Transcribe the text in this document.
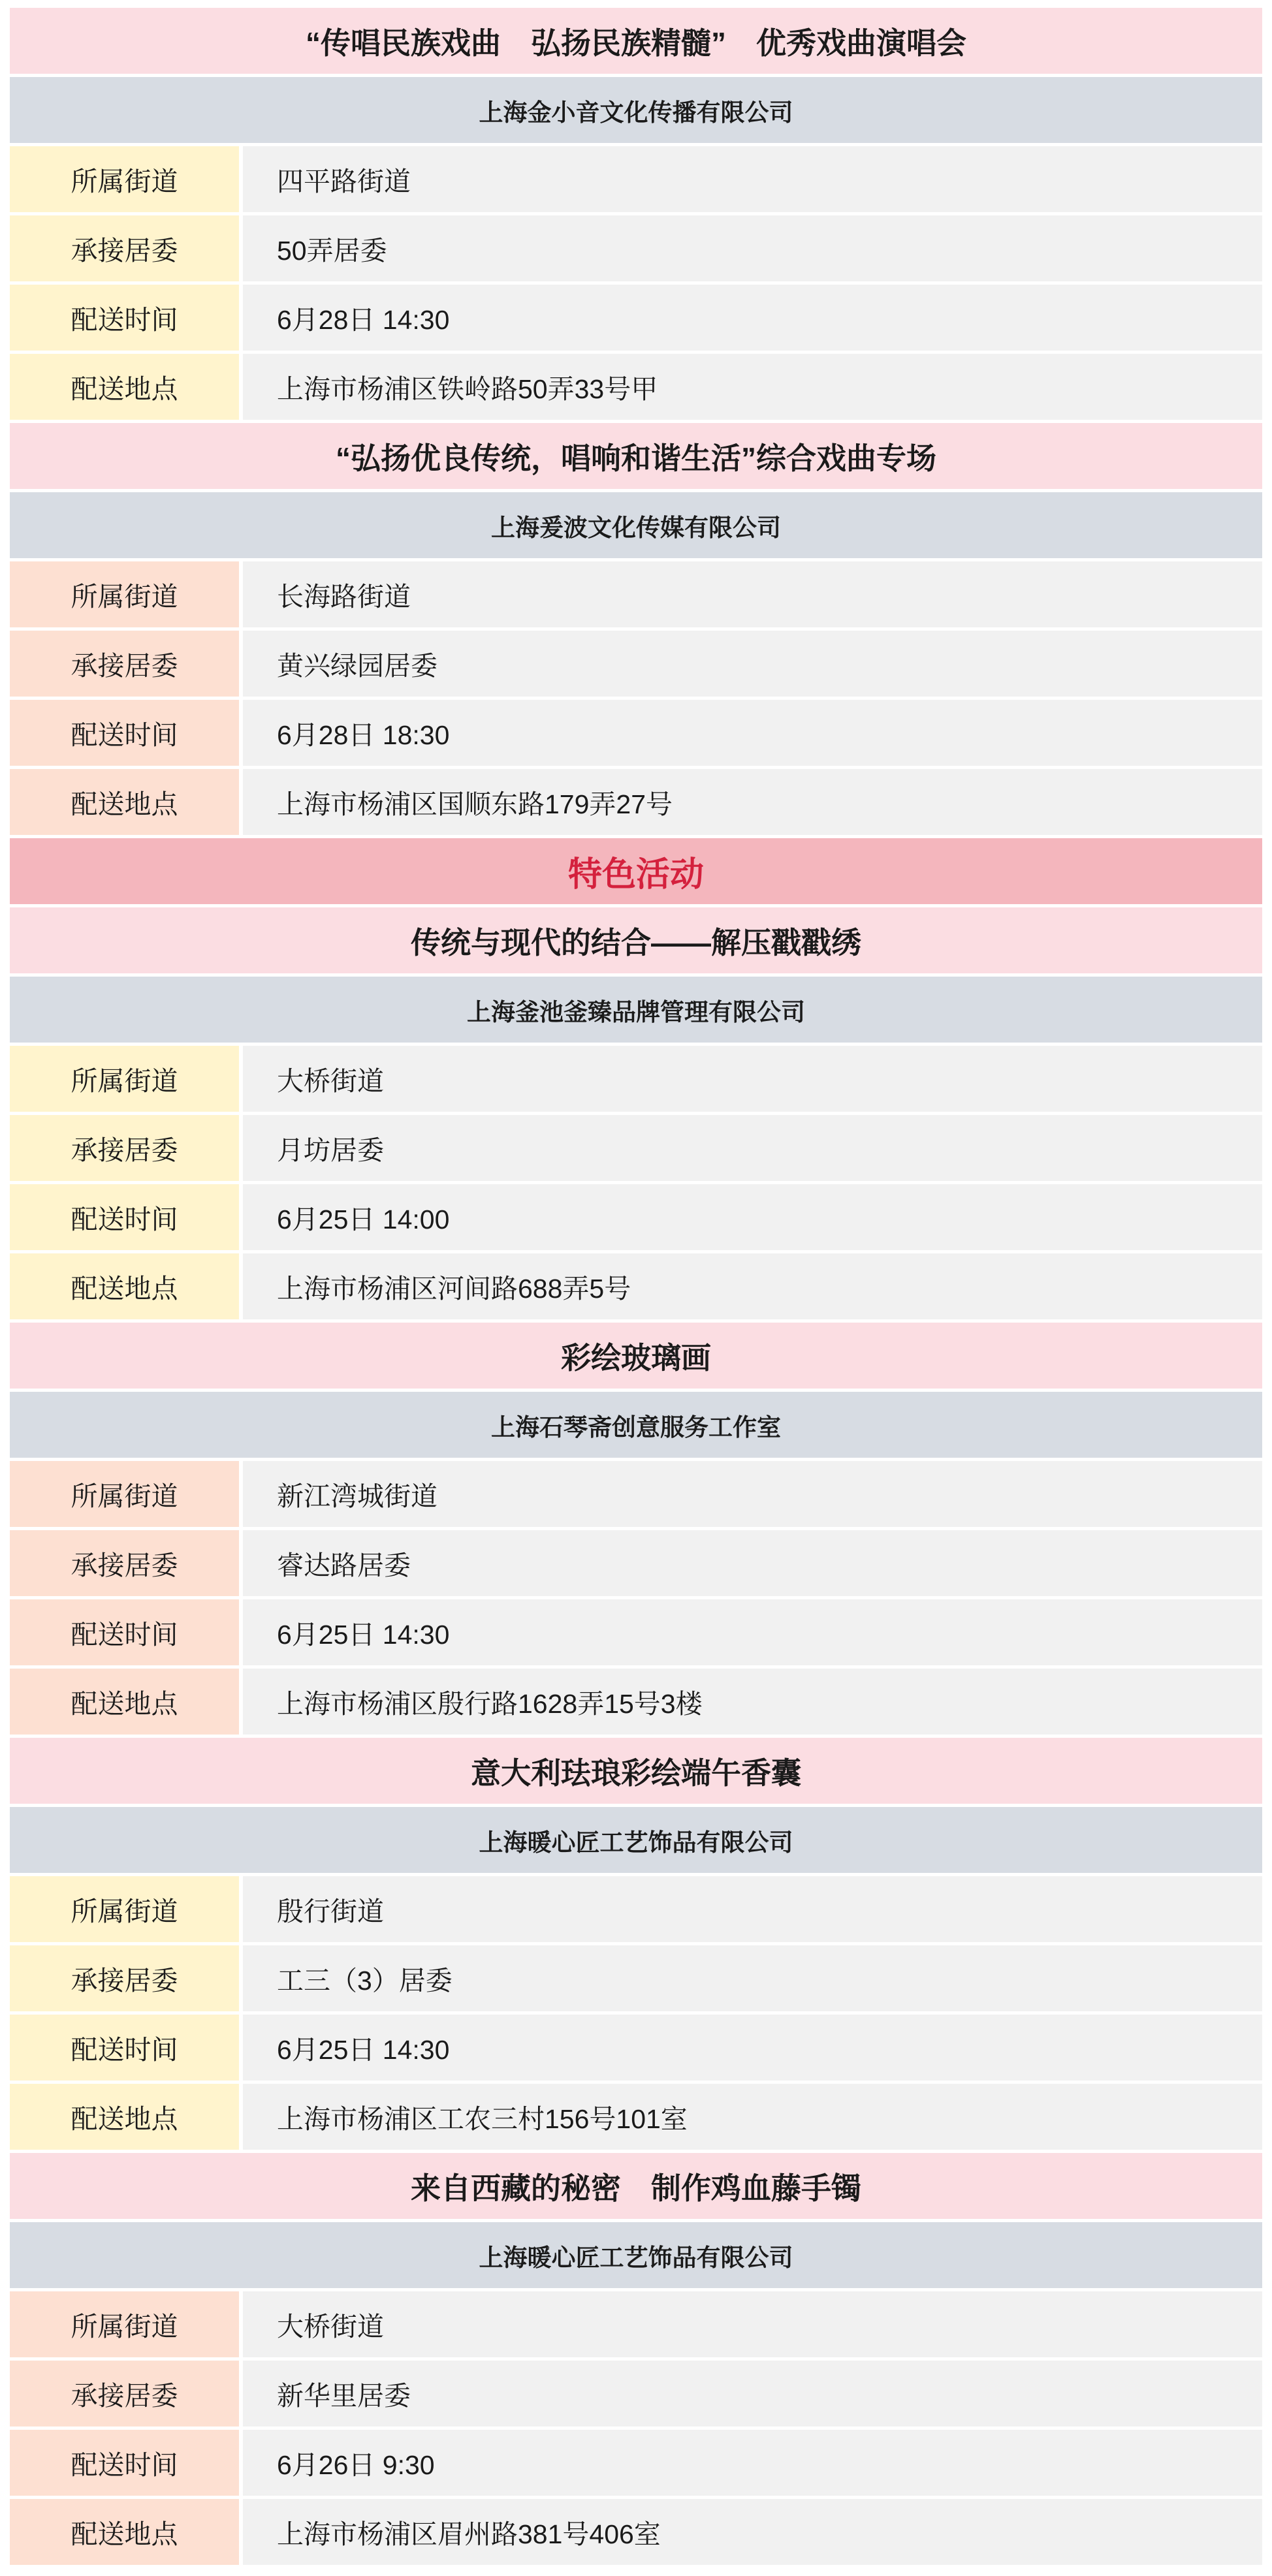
“传唱民族戏曲　弘扬民族精髓”　优秀戏曲演唱会
上海金小音文化传播有限公司
所属街道	四平路街道
承接居委	50弄居委
配送时间	6月28日 14:30
配送地点	上海市杨浦区铁岭路50弄33号甲
“弘扬优良传统，唱响和谐生活”综合戏曲专场
上海爰波文化传媒有限公司
所属街道	长海路街道
承接居委	黄兴绿园居委
配送时间	6月28日 18:30
配送地点	上海市杨浦区国顺东路179弄27号
特色活动
传统与现代的结合——解压戳戳绣
上海釜池釜臻品牌管理有限公司
所属街道	大桥街道
承接居委	月坊居委
配送时间	6月25日 14:00
配送地点	上海市杨浦区河间路688弄5号
彩绘玻璃画
上海石琴斋创意服务工作室
所属街道	新江湾城街道
承接居委	睿达路居委
配送时间	6月25日 14:30
配送地点	上海市杨浦区殷行路1628弄15号3楼
意大利珐琅彩绘端午香囊
上海暖心匠工艺饰品有限公司
所属街道	殷行街道
承接居委	工三（3）居委
配送时间	6月25日 14:30
配送地点	上海市杨浦区工农三村156号101室
来自西藏的秘密　制作鸡血藤手镯
上海暖心匠工艺饰品有限公司
所属街道	大桥街道
承接居委	新华里居委
配送时间	6月26日 9:30
配送地点	上海市杨浦区眉州路381号406室
